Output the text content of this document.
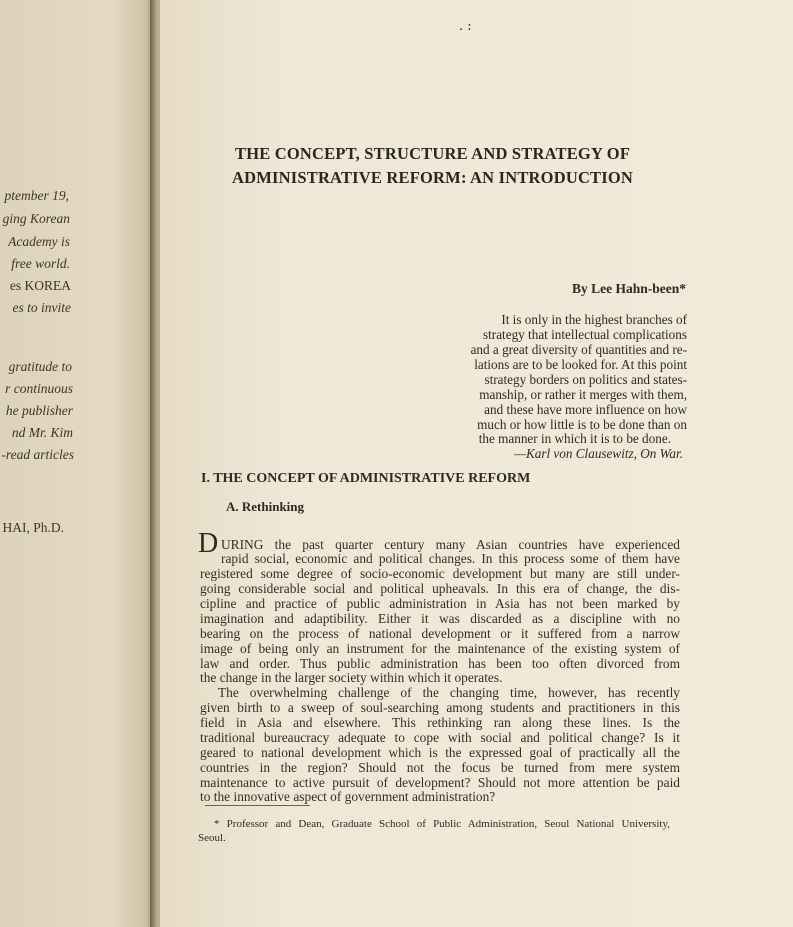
ptember 19,
ging Korean
Academy is
free world.
es KOREA
es to invite
gratitude to
r continuous
he publisher
nd Mr. Kim
-read articles
HAI, Ph.D.
. :
THE CONCEPT, STRUCTURE AND STRATEGY OF
ADMINISTRATIVE REFORM: AN INTRODUCTION
By Lee Hahn-been*
It is only in the highest branches of
strategy that intellectual complications
and a great diversity of quantities and re-
lations are to be looked for. At this point
strategy borders on politics and states-
manship, or rather it merges with them,
and these have more influence on how
much or how little is to be done than on
the manner in which it is to be done.
—Karl von Clausewitz, On War.
I. THE CONCEPT OF ADMINISTRATIVE REFORM
A. Rethinking
D URING the past quarter century many Asian countries have experienced
rapid social, economic and political changes. In this process some of them have
registered some degree of socio-economic development but many are still under-
going considerable social and political upheavals. In this era of change, the dis-
cipline and practice of public administration in Asia has not been marked by
imagination and adaptibility. Either it was discarded as a discipline with no
bearing on the process of national development or it suffered from a narrow
image of being only an instrument for the maintenance of the existing system of
law and order. Thus public administration has been too often divorced from
the change in the larger society within which it operates.
The overwhelming challenge of the changing time, however, has recently
given birth to a sweep of soul-searching among students and practitioners in this
field in Asia and elsewhere. This rethinking ran along these lines. Is the
traditional bureaucracy adequate to cope with social and political change? Is it
geared to national development which is the expressed goal of practically all the
countries in the region? Should not the focus be turned from mere system
maintenance to active pursuit of development? Should not more attention be paid
to the innovative aspect of government administration?
* Professor and Dean, Graduate School of Public Administration, Seoul National University,
Seoul.
